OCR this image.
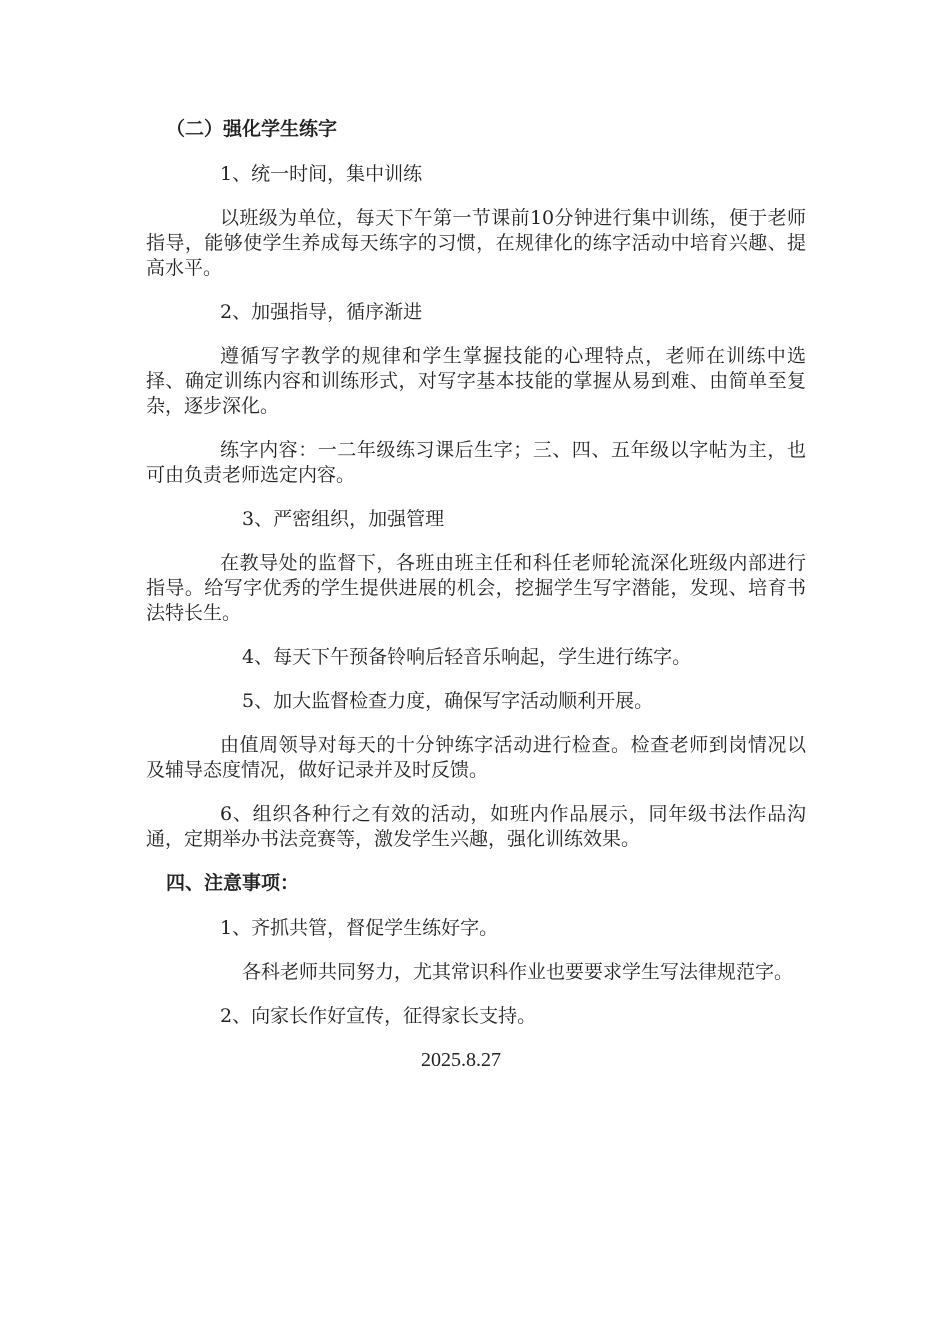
（二）强化学生练字

1、统一时间，集中训练

以班级为单位，每天下午第一节课前10分钟进行集中训练，便于老师指导，能够使学生养成每天练字的习惯，在规律化的练字活动中培育兴趣、提高水平。

2、加强指导，循序渐进

遵循写字教学的规律和学生掌握技能的心理特点，老师在训练中选择、确定训练内容和训练形式，对写字基本技能的掌握从易到难、由简单至复杂，逐步深化。

练字内容：一二年级练习课后生字；三、四、五年级以字帖为主，也可由负责老师选定内容。

3、严密组织，加强管理

在教导处的监督下，各班由班主任和科任老师轮流深化班级内部进行指导。给写字优秀的学生提供进展的机会，挖掘学生写字潜能，发现、培育书法特长生。

4、每天下午预备铃响后轻音乐响起，学生进行练字。

5、加大监督检查力度，确保写字活动顺利开展。

由值周领导对每天的十分钟练字活动进行检查。检查老师到岗情况以及辅导态度情况，做好记录并及时反馈。

6、组织各种行之有效的活动，如班内作品展示，同年级书法作品沟通，定期举办书法竞赛等，激发学生兴趣，强化训练效果。

四、注意事项：

1、齐抓共管，督促学生练好字。

各科老师共同努力，尤其常识科作业也要要求学生写法律规范字。

2、向家长作好宣传，征得家长支持。

2025.8.27
